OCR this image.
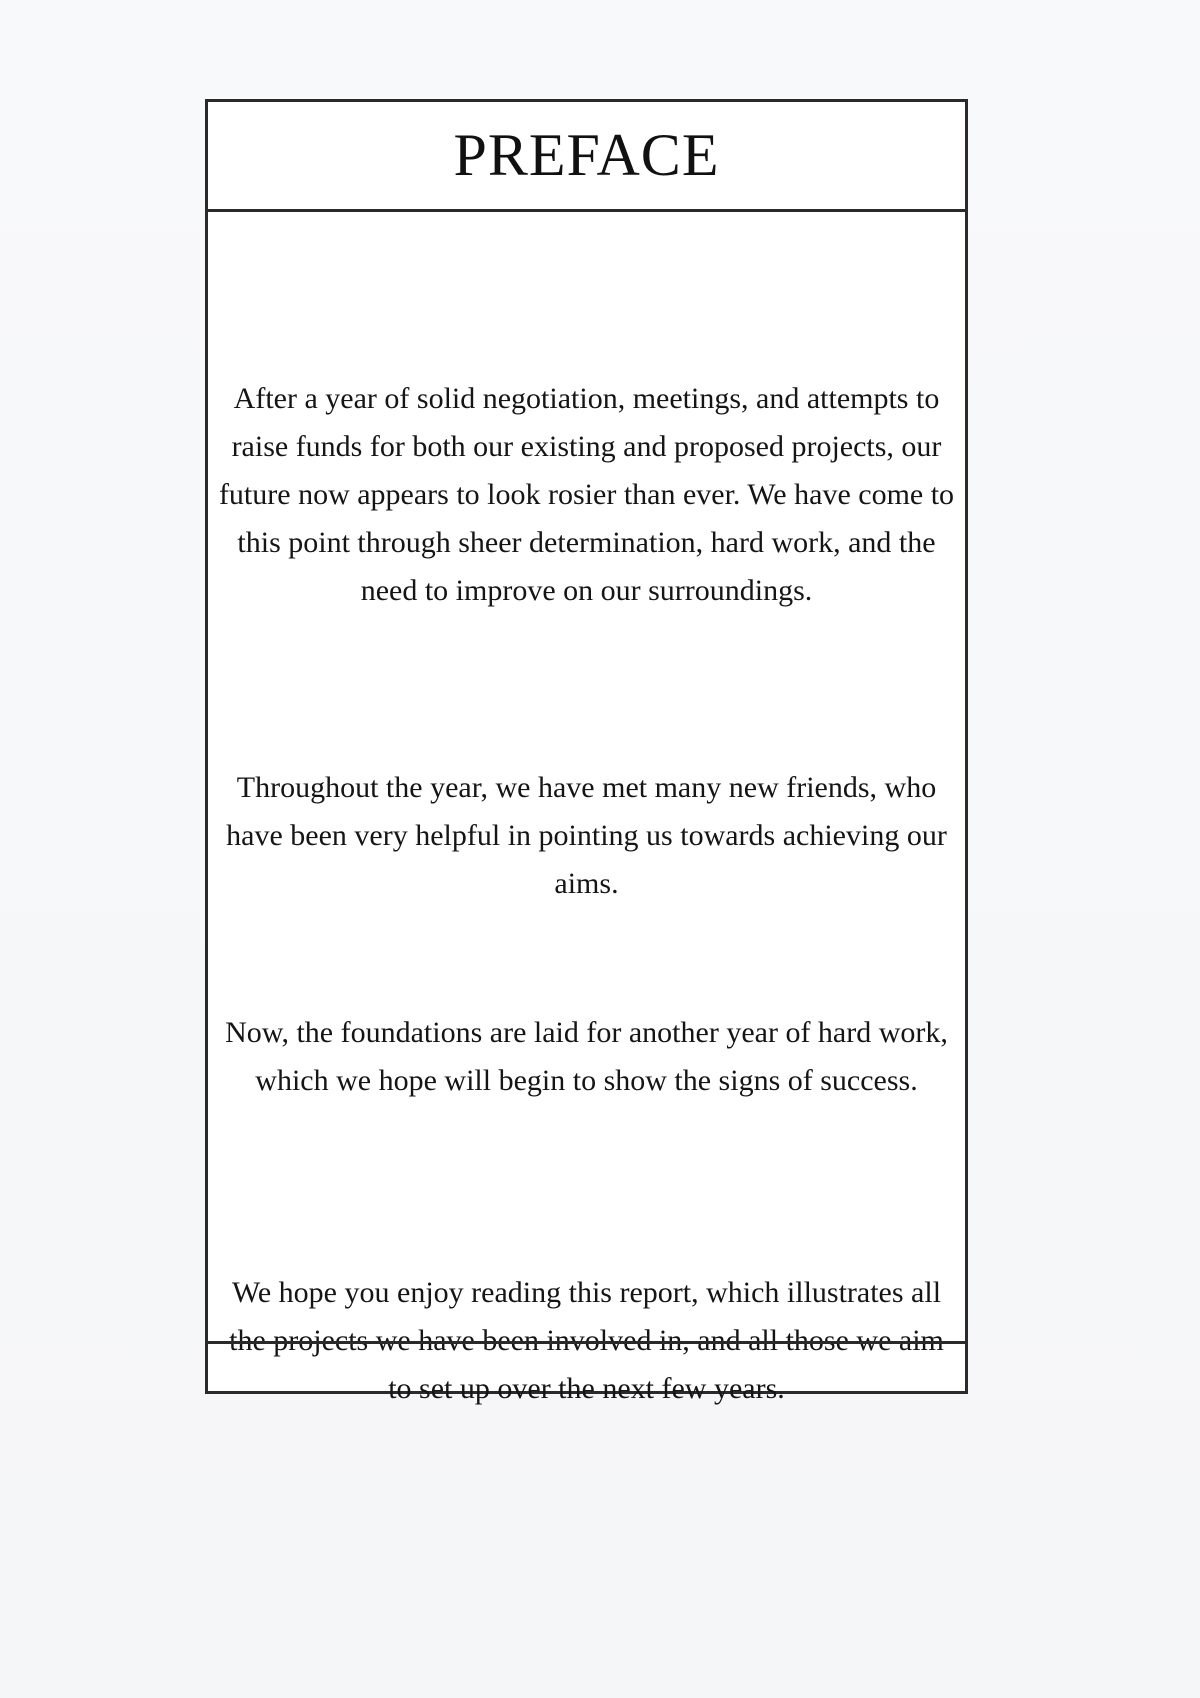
PREFACE

After a year of solid negotiation, meetings, and attempts to raise funds for both our existing and proposed projects, our future now appears to look rosier than ever. We have come to this point through sheer determination, hard work, and the need to improve on our surroundings.

Throughout the year, we have met many new friends, who have been very helpful in pointing us towards achieving our aims.

Now, the foundations are laid for another year of hard work, which we hope will begin to show the signs of success.

We hope you enjoy reading this report, which illustrates all the projects we have been involved in, and all those we aim to set up over the next few years.
